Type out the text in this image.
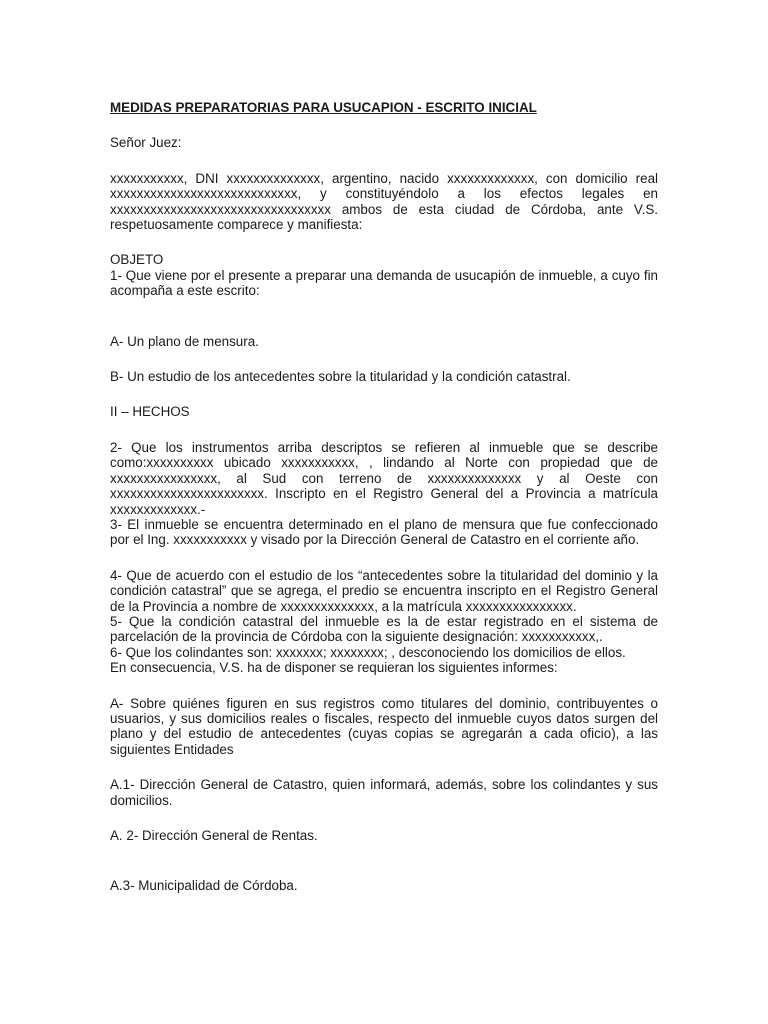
MEDIDAS PREPARATORIAS PARA USUCAPION - ESCRITO INICIAL

Señor Juez:

xxxxxxxxxxx, DNI xxxxxxxxxxxxxx, argentino, nacido xxxxxxxxxxxxx, con domicilio real xxxxxxxxxxxxxxxxxxxxxxxxxxxx, y constituyéndolo a los efectos legales en xxxxxxxxxxxxxxxxxxxxxxxxxxxxxxxxx ambos de esta ciudad de Córdoba, ante V.S. respetuosamente comparece y manifiesta:

OBJETO

1- Que viene por el presente a preparar una demanda de usucapión de inmueble, a cuyo fin acompaña a este escrito:

A- Un plano de mensura.

B- Un estudio de los antecedentes sobre la titularidad y la condición catastral.

II – HECHOS

2- Que los instrumentos arriba descriptos se refieren al inmueble que se describe como:xxxxxxxxxx ubicado xxxxxxxxxxx, , lindando al Norte con propiedad que de xxxxxxxxxxxxxxxx, al Sud con terreno de xxxxxxxxxxxxxx y al Oeste con xxxxxxxxxxxxxxxxxxxxxxx. Inscripto en el Registro General del a Provincia a matrícula xxxxxxxxxxxxx.-

3- El inmueble se encuentra determinado en el plano de mensura que fue confeccionado por el Ing. xxxxxxxxxxx y visado por la Dirección General de Catastro en el corriente año.

4- Que de acuerdo con el estudio de los “antecedentes sobre la titularidad del dominio y la condición catastral” que se agrega, el predio se encuentra inscripto en el Registro General de la Provincia a nombre de xxxxxxxxxxxxxx, a la matrícula xxxxxxxxxxxxxxxx.

5- Que la condición catastral del inmueble es la de estar registrado en el sistema de parcelación de la provincia de Córdoba con la siguiente designación: xxxxxxxxxxx,.

6- Que los colindantes son: xxxxxxx; xxxxxxxx; , desconociendo los domicilios de ellos.

En consecuencia, V.S. ha de disponer se requieran los siguientes informes:

A- Sobre quiénes figuren en sus registros como titulares del dominio, contribuyentes o usuarios, y sus domicilios reales o fiscales, respecto del inmueble cuyos datos surgen del plano y del estudio de antecedentes (cuyas copias se agregarán a cada oficio), a las siguientes Entidades

A.1- Dirección General de Catastro, quien informará, además, sobre los colindantes y sus domicilios.

A. 2- Dirección General de Rentas.

A.3- Municipalidad de Córdoba.
